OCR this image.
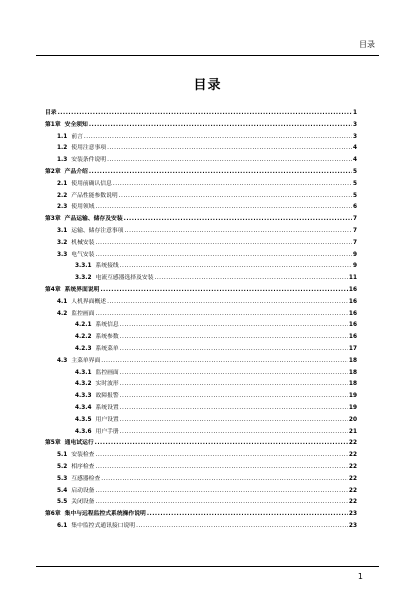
目录
目录
目录 .....	1
第1章 安全须知 .....	3
1.1 前言 .....	3
1.2 使用注意事项 .....	4
1.3 安装条件说明 .....	4
第2章 产品介绍 .....	5
2.1 使用前确认信息 .....	5
2.2 产品性能参数说明 .....	5
2.3 使用领域 .....	6
第3章 产品运输、储存及安装 .....	7
3.1 运输、储存注意事项 .....	7
3.2 机械安装 .....	7
3.3 电气安装 .....	9
3.3.1 系统接线 .....	9
3.3.2 电流互感器选择及安装 .....	11
第4章 系统界面说明 .....	16
4.1 人机界面概述 .....	16
4.2 监控画面 .....	16
4.2.1 系统信息 .....	16
4.2.2 系统参数 .....	16
4.2.3 系统菜单 .....	17
4.3 主菜单界面 .....	18
4.3.1 监控画面 .....	18
4.3.2 实时波形 .....	18
4.3.3 故障报警 .....	19
4.3.4 系统设置 .....	19
4.3.5 用户设置 .....	20
4.3.6 用户手册 .....	21
第5章 通电试运行 .....	22
5.1 安装检查 .....	22
5.2 相序检查 .....	22
5.3 互感器检查 .....	22
5.4 启动设备 .....	22
5.5 关闭设备 .....	22
第6章 集中与远程监控式系统操作说明 .....	23
6.1 集中监控式通讯接口说明 .....	23
1
